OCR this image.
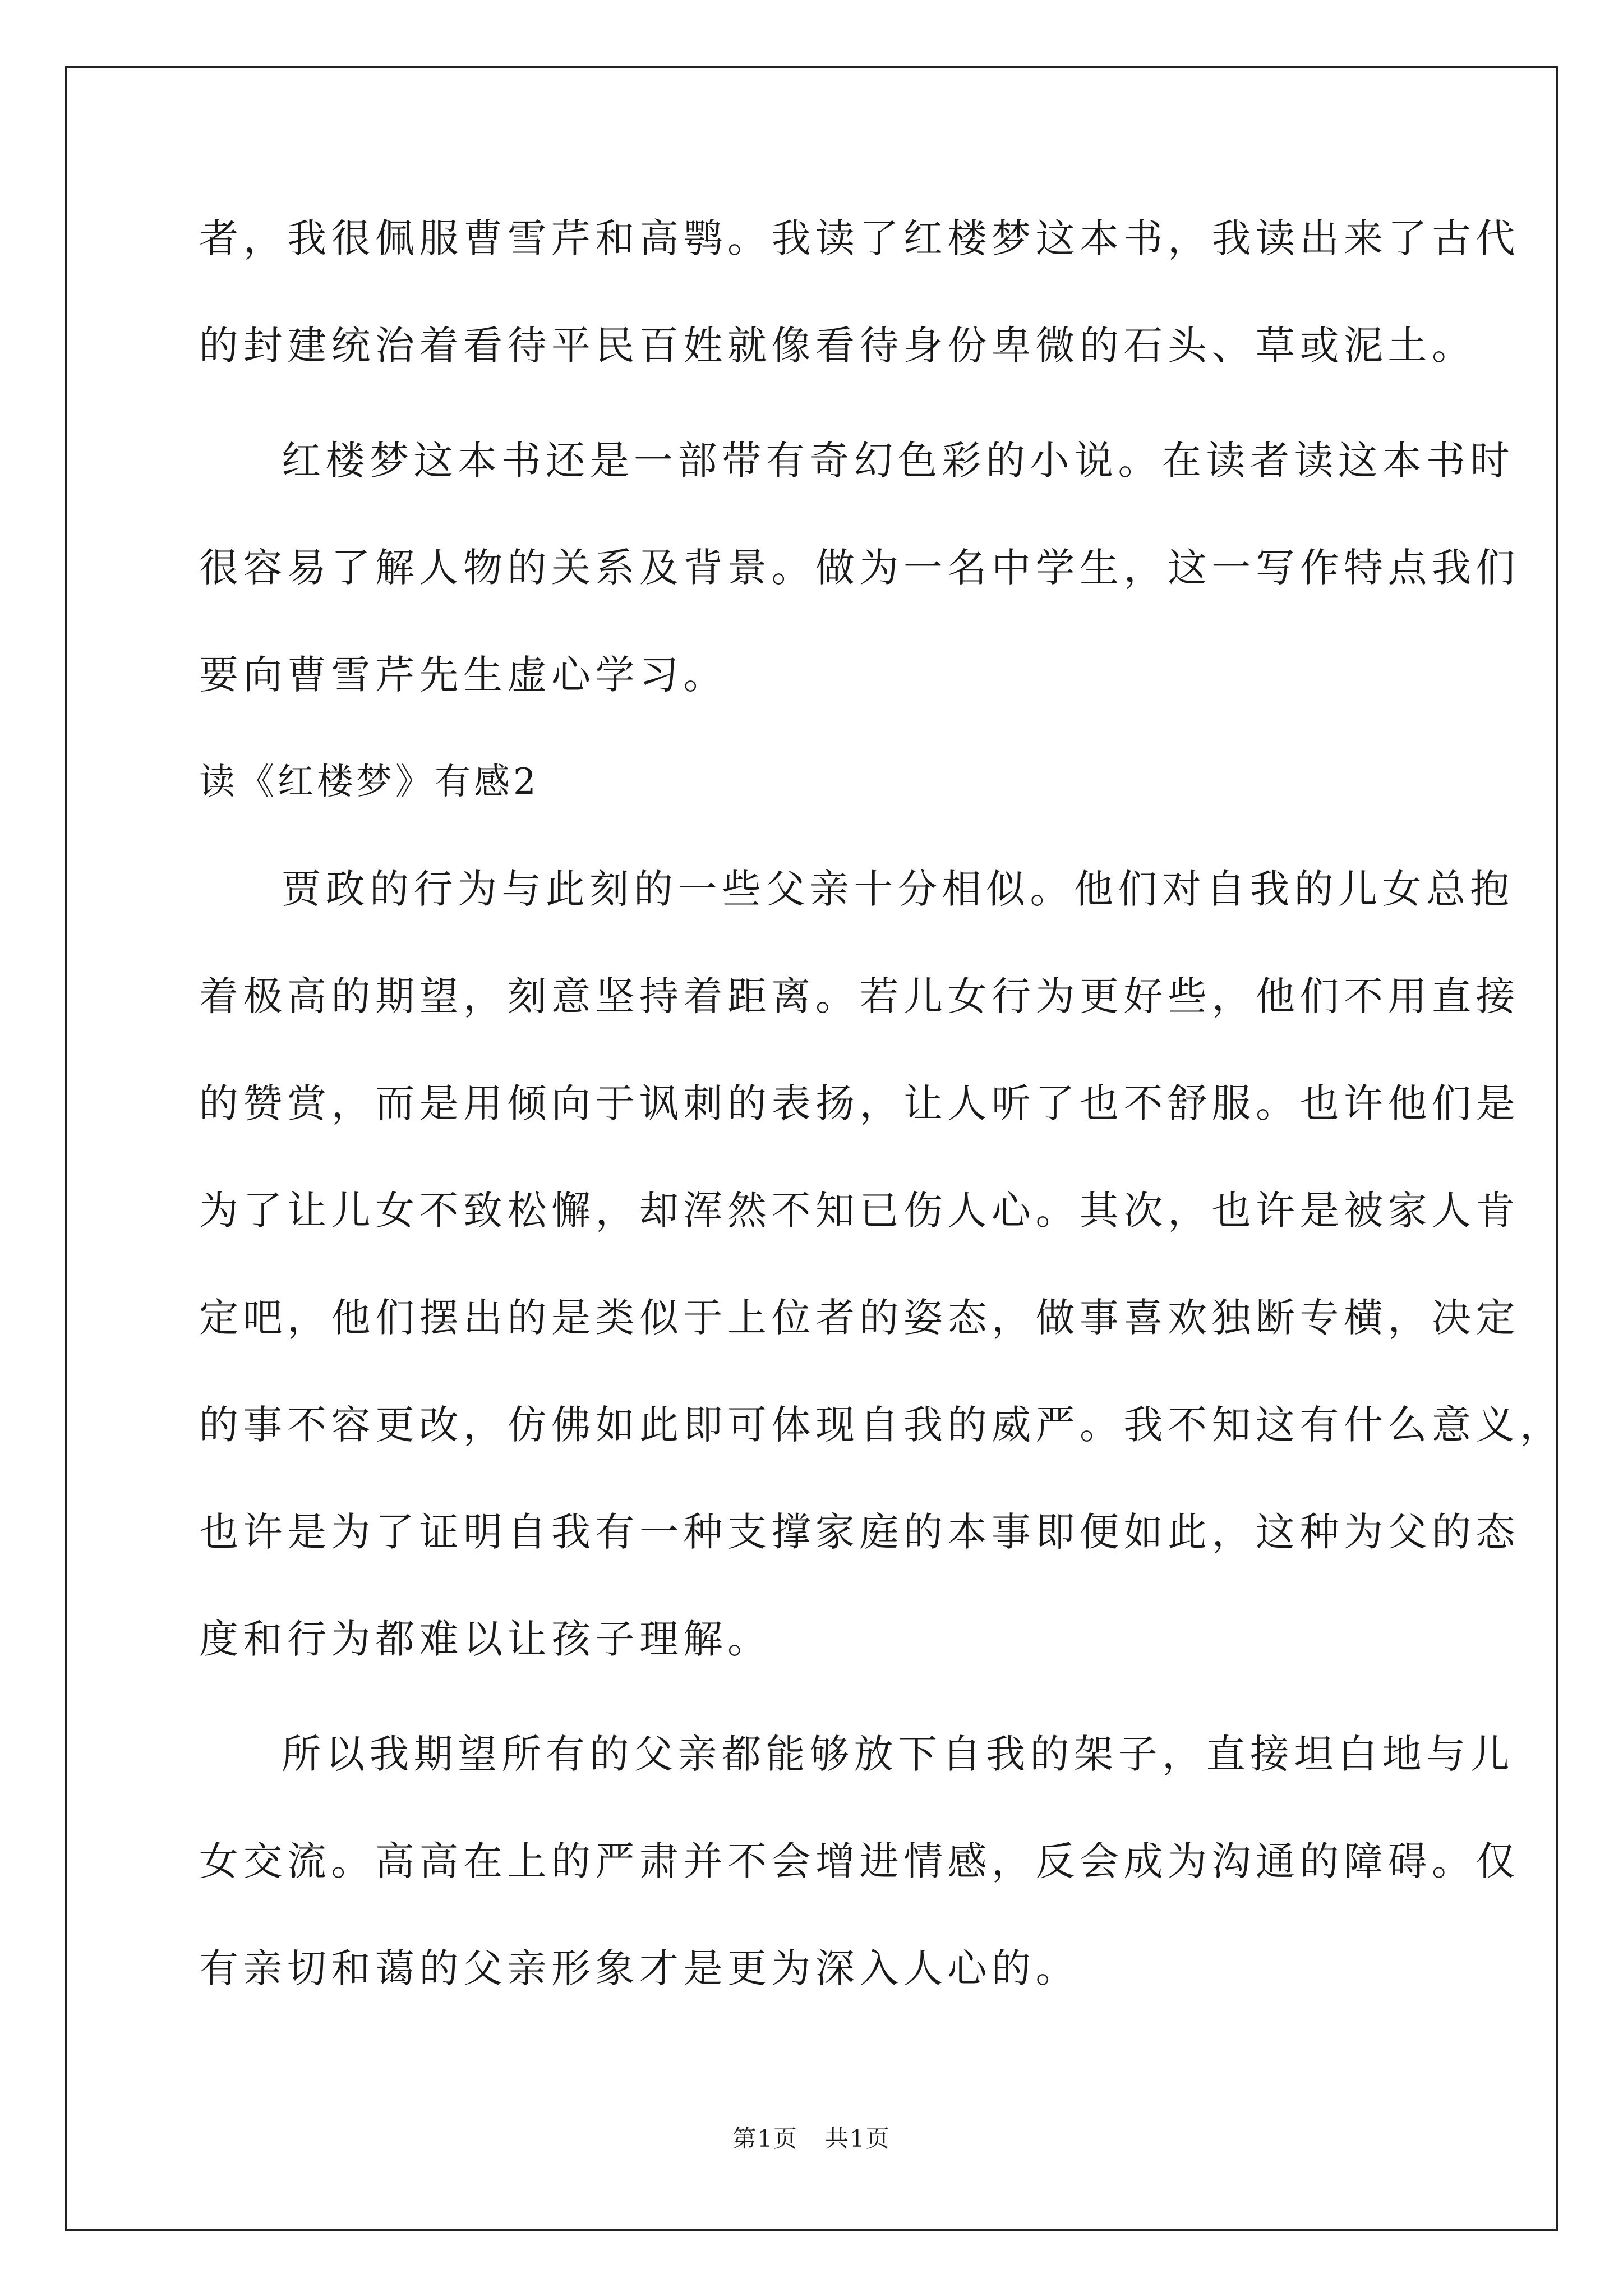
者，我很佩服曹雪芹和高鹗。我读了红楼梦这本书，我读出来了古代
的封建统治着看待平民百姓就像看待身份卑微的石头、草或泥土。
红楼梦这本书还是一部带有奇幻色彩的小说。在读者读这本书时
很容易了解人物的关系及背景。做为一名中学生，这一写作特点我们
要向曹雪芹先生虚心学习。
读《红楼梦》有感2
贾政的行为与此刻的一些父亲十分相似。他们对自我的儿女总抱
着极高的期望，刻意坚持着距离。若儿女行为更好些，他们不用直接
的赞赏，而是用倾向于讽刺的表扬，让人听了也不舒服。也许他们是
为了让儿女不致松懈，却浑然不知已伤人心。其次，也许是被家人肯
定吧，他们摆出的是类似于上位者的姿态，做事喜欢独断专横，决定
的事不容更改，仿佛如此即可体现自我的威严。我不知这有什么意义，
也许是为了证明自我有一种支撑家庭的本事即便如此，这种为父的态
度和行为都难以让孩子理解。
所以我期望所有的父亲都能够放下自我的架子，直接坦白地与儿
女交流。高高在上的严肃并不会增进情感，反会成为沟通的障碍。仅
有亲切和蔼的父亲形象才是更为深入人心的。
第1页 共1页
